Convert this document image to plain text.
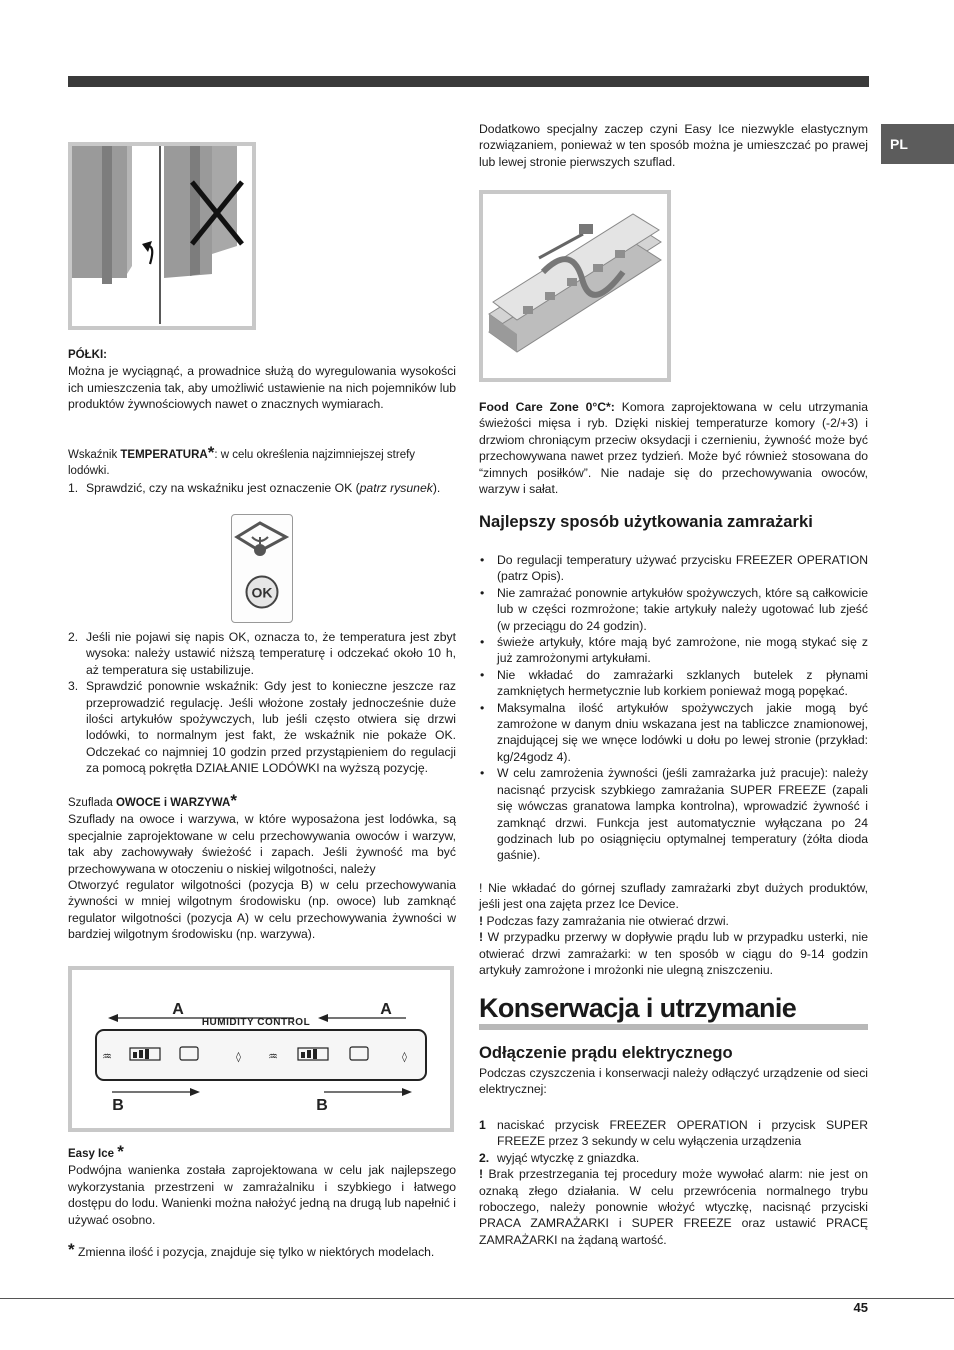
PL
45

PÓŁKI:

Można je wyciągnąć, a prowadnice służą do wyregulowania wysokości ich umieszczenia tak, aby umożliwić ustawienie na nich pojemników lub produktów żywnościowych nawet o znacznych wymiarach.

Wskaźnik TEMPERATURA*: w celu określenia najzimniejszej strefy lodówki.

1. Sprawdzić, czy na wskaźniku jest oznaczenie OK (patrz rysunek).
OK
2. Jeśli nie pojawi się napis OK, oznacza to, że temperatura jest zbyt wysoka: należy ustawić niższą temperaturę i odczekać około 10 h, aż temperatura się ustabilizuje.
3. Sprawdzić ponownie wskaźnik: Gdy jest to konieczne jeszcze raz przeprowadzić regulację. Jeśli włożone zostały jednocześnie duże ilości artykułów spożywczych, lub jeśli często otwiera się drzwi lodówki, to normalnym jest fakt, że wskaźnik nie pokaże OK. Odczekać co najmniej 10 godzin przed przystąpieniem do regulacji za pomocą pokrętła DZIAŁANIE LODÓWKI na wyższą pozycję.

Szuflada OWOCE i WARZYWA*

Szuflady na owoce i warzywa, w które wyposażona jest lodówka, są specjalnie zaprojektowane w celu przechowywania owoców i warzyw, tak aby zachowywały świeżość i zapach. Jeśli żywność ma być przechowywana w otoczeniu o niskiej wilgotności, należy

Otworzyć regulator wilgotności (pozycja B) w celu przechowywania żywności w mniej wilgotnym środowisku (np. owoce) lub zamknąć regulator wilgotności (pozycja A) w celu przechowywania żywności w bardziej wilgotnym środowisku (np. warzywa).

A	A
HUMIDITY CONTROL
♒	◊ ♒	◊
B	B

Easy Ice *

Podwójna wanienka została zaprojektowana w celu jak najlepszego wykorzystania przestrzeni w zamrażalniku i szybkiego i łatwego dostępu do lodu. Wanienki można nałożyć jedną na drugą lub napełnić i używać osobno.

* Zmienna ilość i pozycja, znajduje się tylko w niektórych modelach.

Dodatkowo specjalny zaczep czyni Easy Ice niezwykle elastycznym rozwiązaniem, ponieważ w ten sposób można je umieszczać po prawej lub lewej stronie pierwszych szuflad.

Food Care Zone 0°C*: Komora zaprojektowana w celu utrzymania świeżości mięsa i ryb. Dzięki niskiej temperaturze komory (-2/+3) i drzwiom chroniącym przeciw oksydacji i czernieniu, żywność może być przechowywana nawet przez tydzień. Może być również stosowana do “zimnych posiłków”. Nie nadaje się do przechowywania owoców, warzyw i sałat.

Najlepszy sposób użytkowania zamrażarki
• Do regulacji temperatury używać przycisku FREEZER OPERATION (patrz Opis).
• Nie zamrażać ponownie artykułów spożywczych, które są całkowicie lub w części rozmrożone; takie artykuły należy ugotować lub zjeść (w przeciągu do 24 godzin).
• świeże artykuły, które mają być zamrożone, nie mogą stykać się z już zamrożonymi artykułami.
• Nie wkładać do zamrażarki szklanych butelek z płynami zamkniętych hermetycznie lub korkiem ponieważ mogą popękać.
• Maksymalna ilość artykułów spożywczych jakie mogą być zamrożone w danym dniu wskazana jest na tabliczce znamionowej, znajdującej się we wnęce lodówki u dołu po lewej stronie (przykład: kg/24godz 4).
• W celu zamrożenia żywności (jeśli zamrażarka już pracuje): należy nacisnąć przycisk szybkiego zamrażania SUPER FREEZE (zapali się wówczas granatowa lampka kontrolna), wprowadzić żywność i zamknąć drzwi. Funkcja jest automatycznie wyłączana po 24 godzinach lub po osiągnięciu optymalnej temperatury (żółta dioda gaśnie).

! Nie wkładać do górnej szuflady zamrażarki zbyt dużych produktów, jeśli jest ona zajęta przez Ice Device.

! Podczas fazy zamrażania nie otwierać drzwi.

! W przypadku przerwy w dopływie prądu lub w przypadku usterki, nie otwierać drzwi zamrażarki: w ten sposób w ciągu do 9-14 godzin artykuły zamrożone i mrożonki nie ulegną zniszczeniu.

Konserwacja i utrzymanie
Odłączenie prądu elektrycznego

Podczas czyszczenia i konserwacji należy odłączyć urządzenie od sieci elektrycznej:

1 naciskać przycisk FREEZER OPERATION i przycisk SUPER FREEZE przez 3 sekundy w celu wyłączenia urządzenia
2. wyjąć wtyczkę z gniazdka.

! Brak przestrzegania tej procedury może wywołać alarm: nie jest on oznaką złego działania. W celu przewrócenia normalnego trybu roboczego, należy ponownie włożyć wtyczkę, nacisnąć przyciski PRACA ZAMRAŻARKI i SUPER FREEZE oraz ustawić PRACĘ ZAMRAŻARKI na żądaną wartość.
